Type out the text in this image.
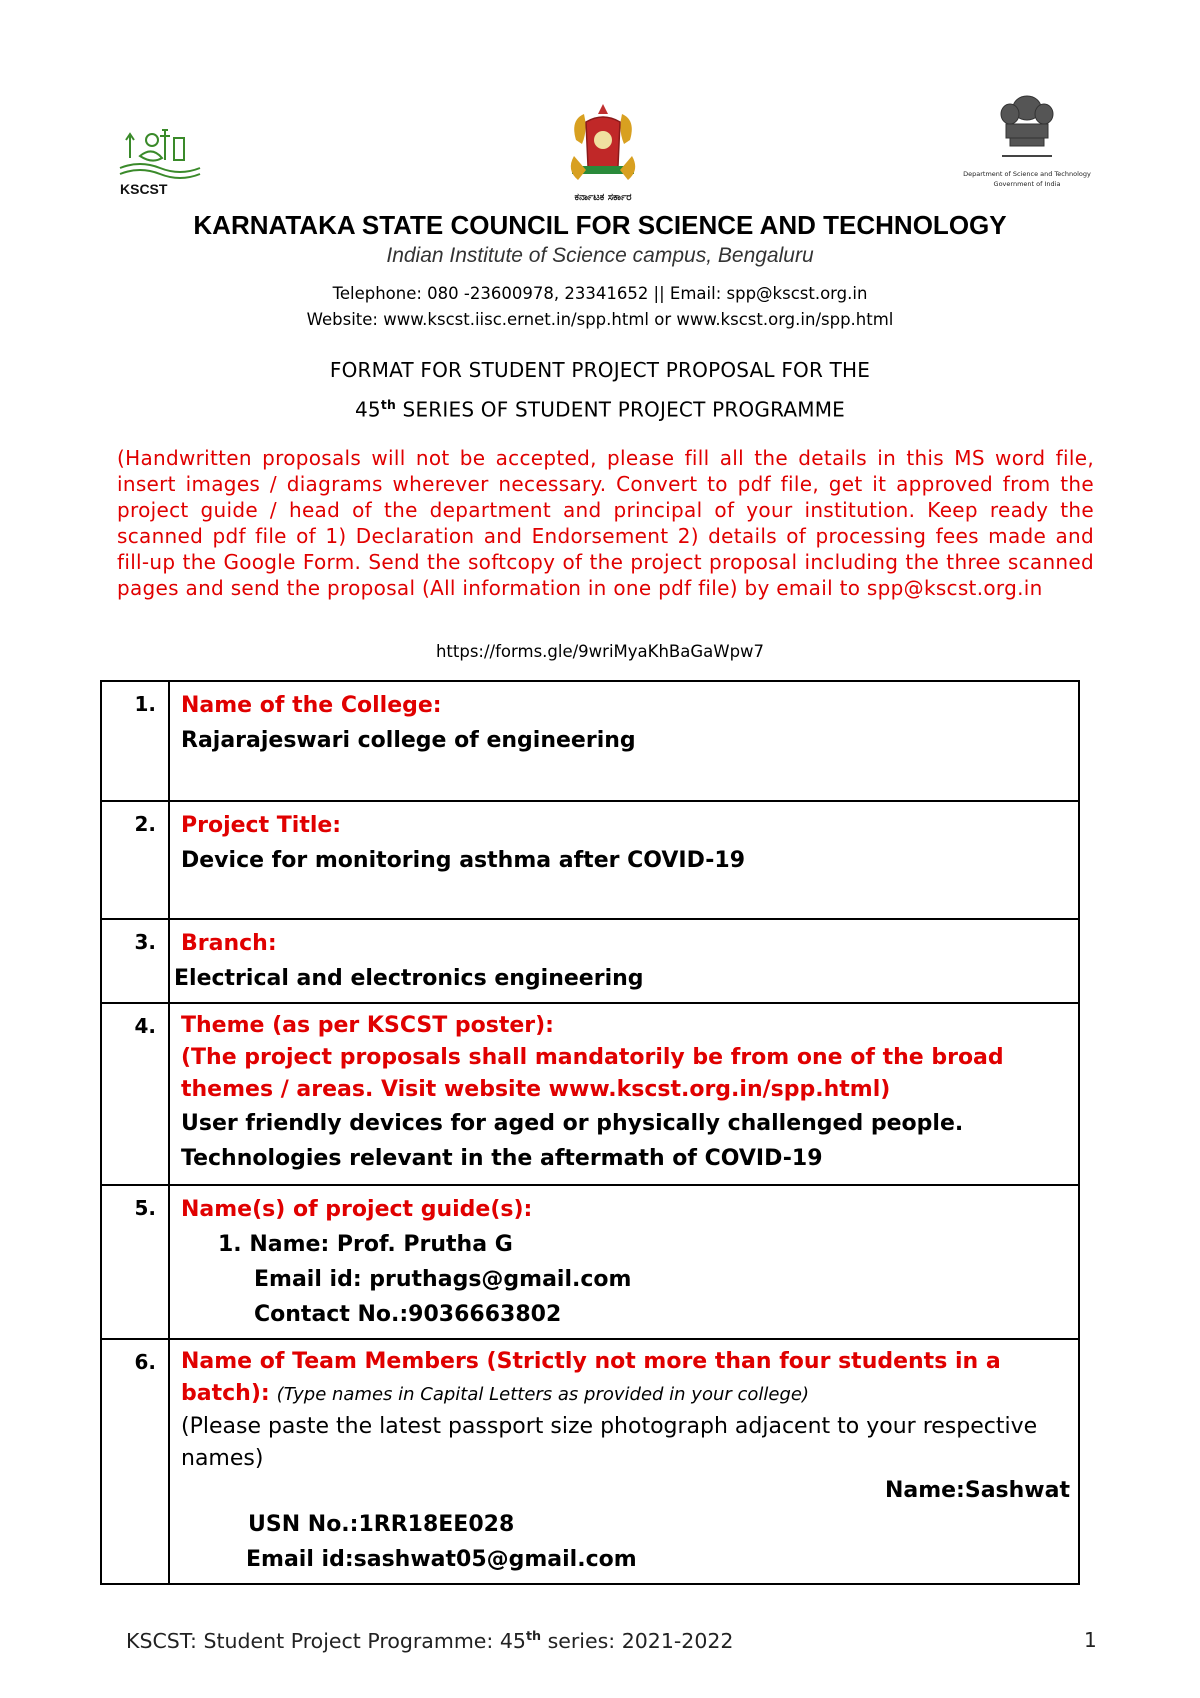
KSCST
ಕರ್ನಾಟಕ ಸರ್ಕಾರ
Department of Science and Technology
Government of India
KARNATAKA STATE COUNCIL FOR SCIENCE AND TECHNOLOGY
Indian Institute of Science campus, Bengaluru
Telephone: 080 -23600978, 23341652 || Email: spp@kscst.org.in
Website: www.kscst.iisc.ernet.in/spp.html or www.kscst.org.in/spp.html
FORMAT FOR STUDENT PROJECT PROPOSAL FOR THE
45th SERIES OF STUDENT PROJECT PROGRAMME
(Handwritten proposals will not be accepted, please fill all the details in this MS word file, insert images / diagrams wherever necessary. Convert to pdf file, get it approved from the project guide / head of the department and principal of your institution. Keep ready the scanned pdf file of 1) Declaration and Endorsement 2) details of processing fees made and fill-up the Google Form. Send the softcopy of the project proposal including the three scanned pages and send the proposal (All information in one pdf file) by email to spp@kscst.org.in
https://forms.gle/9wriMyaKhBaGaWpw7
1.	Name of the College:
Rajarajeswari college of engineering

2.	Project Title:
Device for monitoring asthma after COVID-19

3.	Branch:
Electrical and electronics engineering

4.	Theme (as per KSCST poster):
(The project proposals shall mandatorily be from one of the broad themes / areas. Visit website www.kscst.org.in/spp.html)
User friendly devices for aged or physically challenged people.
Technologies relevant in the aftermath of COVID-19

5.	Name(s) of project guide(s):
1. Name: Prof. Prutha G
Email id: pruthags@gmail.com
Contact No.:9036663802

6.	Name of Team Members (Strictly not more than four students in a batch): (Type names in Capital Letters as provided in your college)
(Please paste the latest passport size photograph adjacent to your respective names)
Name:Sashwat
USN No.:1RR18EE028
Email id:sashwat05@gmail.com
KSCST: Student Project Programme: 45th series: 2021-2022	1
